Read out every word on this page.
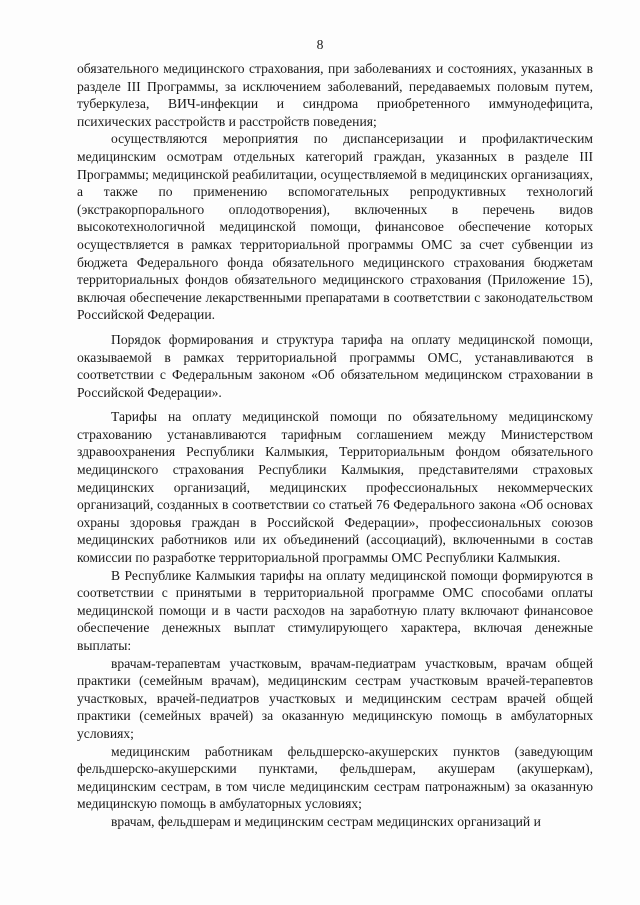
8

обязательного медицинского страхования, при заболеваниях и состояниях, указанных в разделе III Программы, за исключением заболеваний, передаваемых половым путем, туберкулеза, ВИЧ-инфекции и синдрома приобретенного иммунодефицита, психических расстройств и расстройств поведения;

осуществляются мероприятия по диспансеризации и профилактическим медицинским осмотрам отдельных категорий граждан, указанных в разделе III Программы; медицинской реабилитации, осуществляемой в медицинских организациях, а также по применению вспомогательных репродуктивных технологий (экстракорпорального оплодотворения), включенных в перечень видов высокотехнологичной медицинской помощи, финансовое обеспечение которых осуществляется в рамках территориальной программы ОМС за счет субвенции из бюджета Федерального фонда обязательного медицинского страхования бюджетам территориальных фондов обязательного медицинского страхования (Приложение 15), включая обеспечение лекарственными препаратами в соответствии с законодательством Российской Федерации.

Порядок формирования и структура тарифа на оплату медицинской помощи, оказываемой в рамках территориальной программы ОМС, устанавливаются в соответствии с Федеральным законом «Об обязательном медицинском страховании в Российской Федерации».

Тарифы на оплату медицинской помощи по обязательному медицинскому страхованию устанавливаются тарифным соглашением между Министерством здравоохранения Республики Калмыкия, Территориальным фондом обязательного медицинского страхования Республики Калмыкия, представителями страховых медицинских организаций, медицинских профессиональных некоммерческих организаций, созданных в соответствии со статьей 76 Федерального закона «Об основах охраны здоровья граждан в Российской Федерации», профессиональных союзов медицинских работников или их объединений (ассоциаций), включенными в состав комиссии по разработке территориальной программы ОМС Республики Калмыкия.

В Республике Калмыкия тарифы на оплату медицинской помощи формируются в соответствии с принятыми в территориальной программе ОМС способами оплаты медицинской помощи и в части расходов на заработную плату включают финансовое обеспечение денежных выплат стимулирующего характера, включая денежные выплаты:

врачам-терапевтам участковым, врачам-педиатрам участковым, врачам общей практики (семейным врачам), медицинским сестрам участковым врачей-терапевтов участковых, врачей-педиатров участковых и медицинским сестрам врачей общей практики (семейных врачей) за оказанную медицинскую помощь в амбулаторных условиях;

медицинским работникам фельдшерско-акушерских пунктов (заведующим фельдшерско-акушерскими пунктами, фельдшерам, акушерам (акушеркам), медицинским сестрам, в том числе медицинским сестрам патронажным) за оказанную медицинскую помощь в амбулаторных условиях;

врачам, фельдшерам и медицинским сестрам медицинских организаций и
